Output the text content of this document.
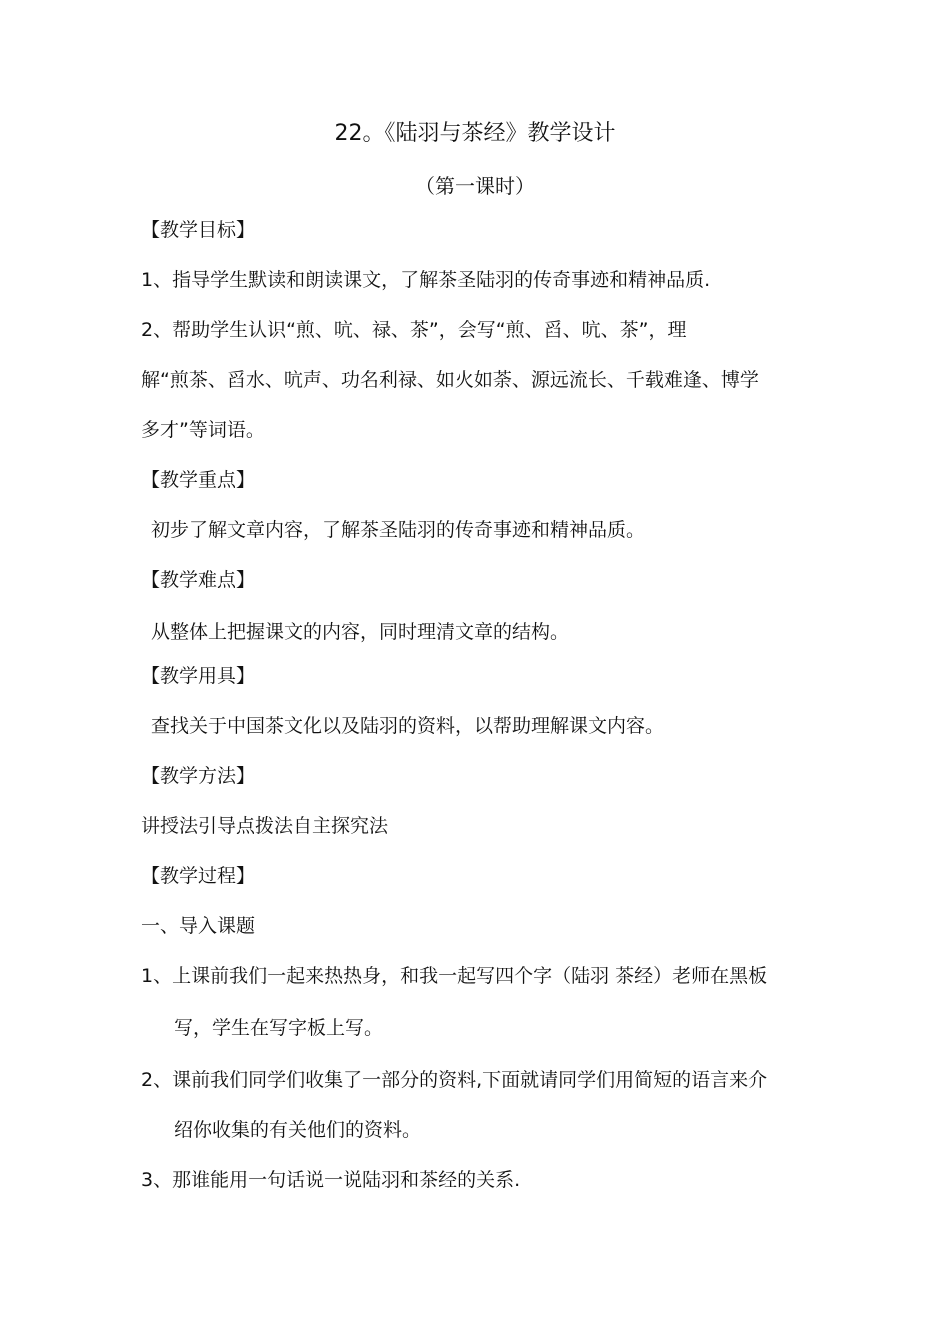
22。《陆羽与茶经》教学设计
（第一课时）
【教学目标】
1、指导学生默读和朗读课文，了解茶圣陆羽的传奇事迹和精神品质.
2、帮助学生认识“煎、吭、禄、茶”，会写“煎、舀、吭、茶”，理
解“煎茶、舀水、吭声、功名利禄、如火如荼、源远流长、千载难逢、博学
多才”等词语。
【教学重点】
初步了解文章内容，了解茶圣陆羽的传奇事迹和精神品质。
【教学难点】
从整体上把握课文的内容，同时理清文章的结构。
【教学用具】
查找关于中国茶文化以及陆羽的资料，以帮助理解课文内容。
【教学方法】
讲授法引导点拨法自主探究法
【教学过程】
一、导入课题
1、上课前我们一起来热热身，和我一起写四个字（陆羽 茶经）老师在黑板
写，学生在写字板上写。
2、课前我们同学们收集了一部分的资料,下面就请同学们用简短的语言来介
绍你收集的有关他们的资料。
3、那谁能用一句话说一说陆羽和茶经的关系.
